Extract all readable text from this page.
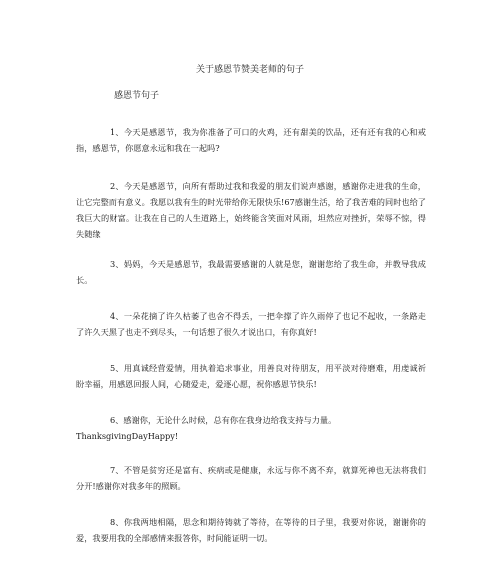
关于感恩节赞美老师的句子
感恩节句子

1、今天是感恩节，我为你准备了可口的火鸡，还有甜美的饮品，还有还有我的心和戒指，感恩节，你愿意永远和我在一起吗?

2、今天是感恩节，向所有帮助过我和我爱的朋友们说声感谢，感谢你走进我的生命，让它完整而有意义。我愿以我有生的时光带给你无限快乐!67感谢生活，给了我苦难的同时也给了我巨大的财富。让我在自己的人生道路上，始终能含笑面对风雨，坦然应对挫折，荣辱不惊，得失随缘

3、妈妈，今天是感恩节，我最需要感谢的人就是您，谢谢您给了我生命，并教导我成长。

4、一朵花摘了许久枯萎了也舍不得丢，一把伞撑了许久雨停了也记不起收，一条路走了许久天黑了也走不到尽头，一句话想了很久才说出口，有你真好!

5、用真诚经营爱情，用执着追求事业，用善良对待朋友，用平淡对待磨难，用虔诚祈盼幸福，用感恩回报人间，心随爱走，爱逐心愿，祝你感恩节快乐!

6、感谢你，无论什么时候，总有你在我身边给我支持与力量。

ThanksgivingDayHappy!

7、不管是贫穷还是富有、疾病或是健康，永远与你不离不弃，就算死神也无法将我们分开!感谢你对我多年的照顾。

8、你我两地相隔，思念和期待铸就了等待，在等待的日子里，我要对你说，谢谢你的爱，我要用我的全部感情来报答你，时间能证明一切。
